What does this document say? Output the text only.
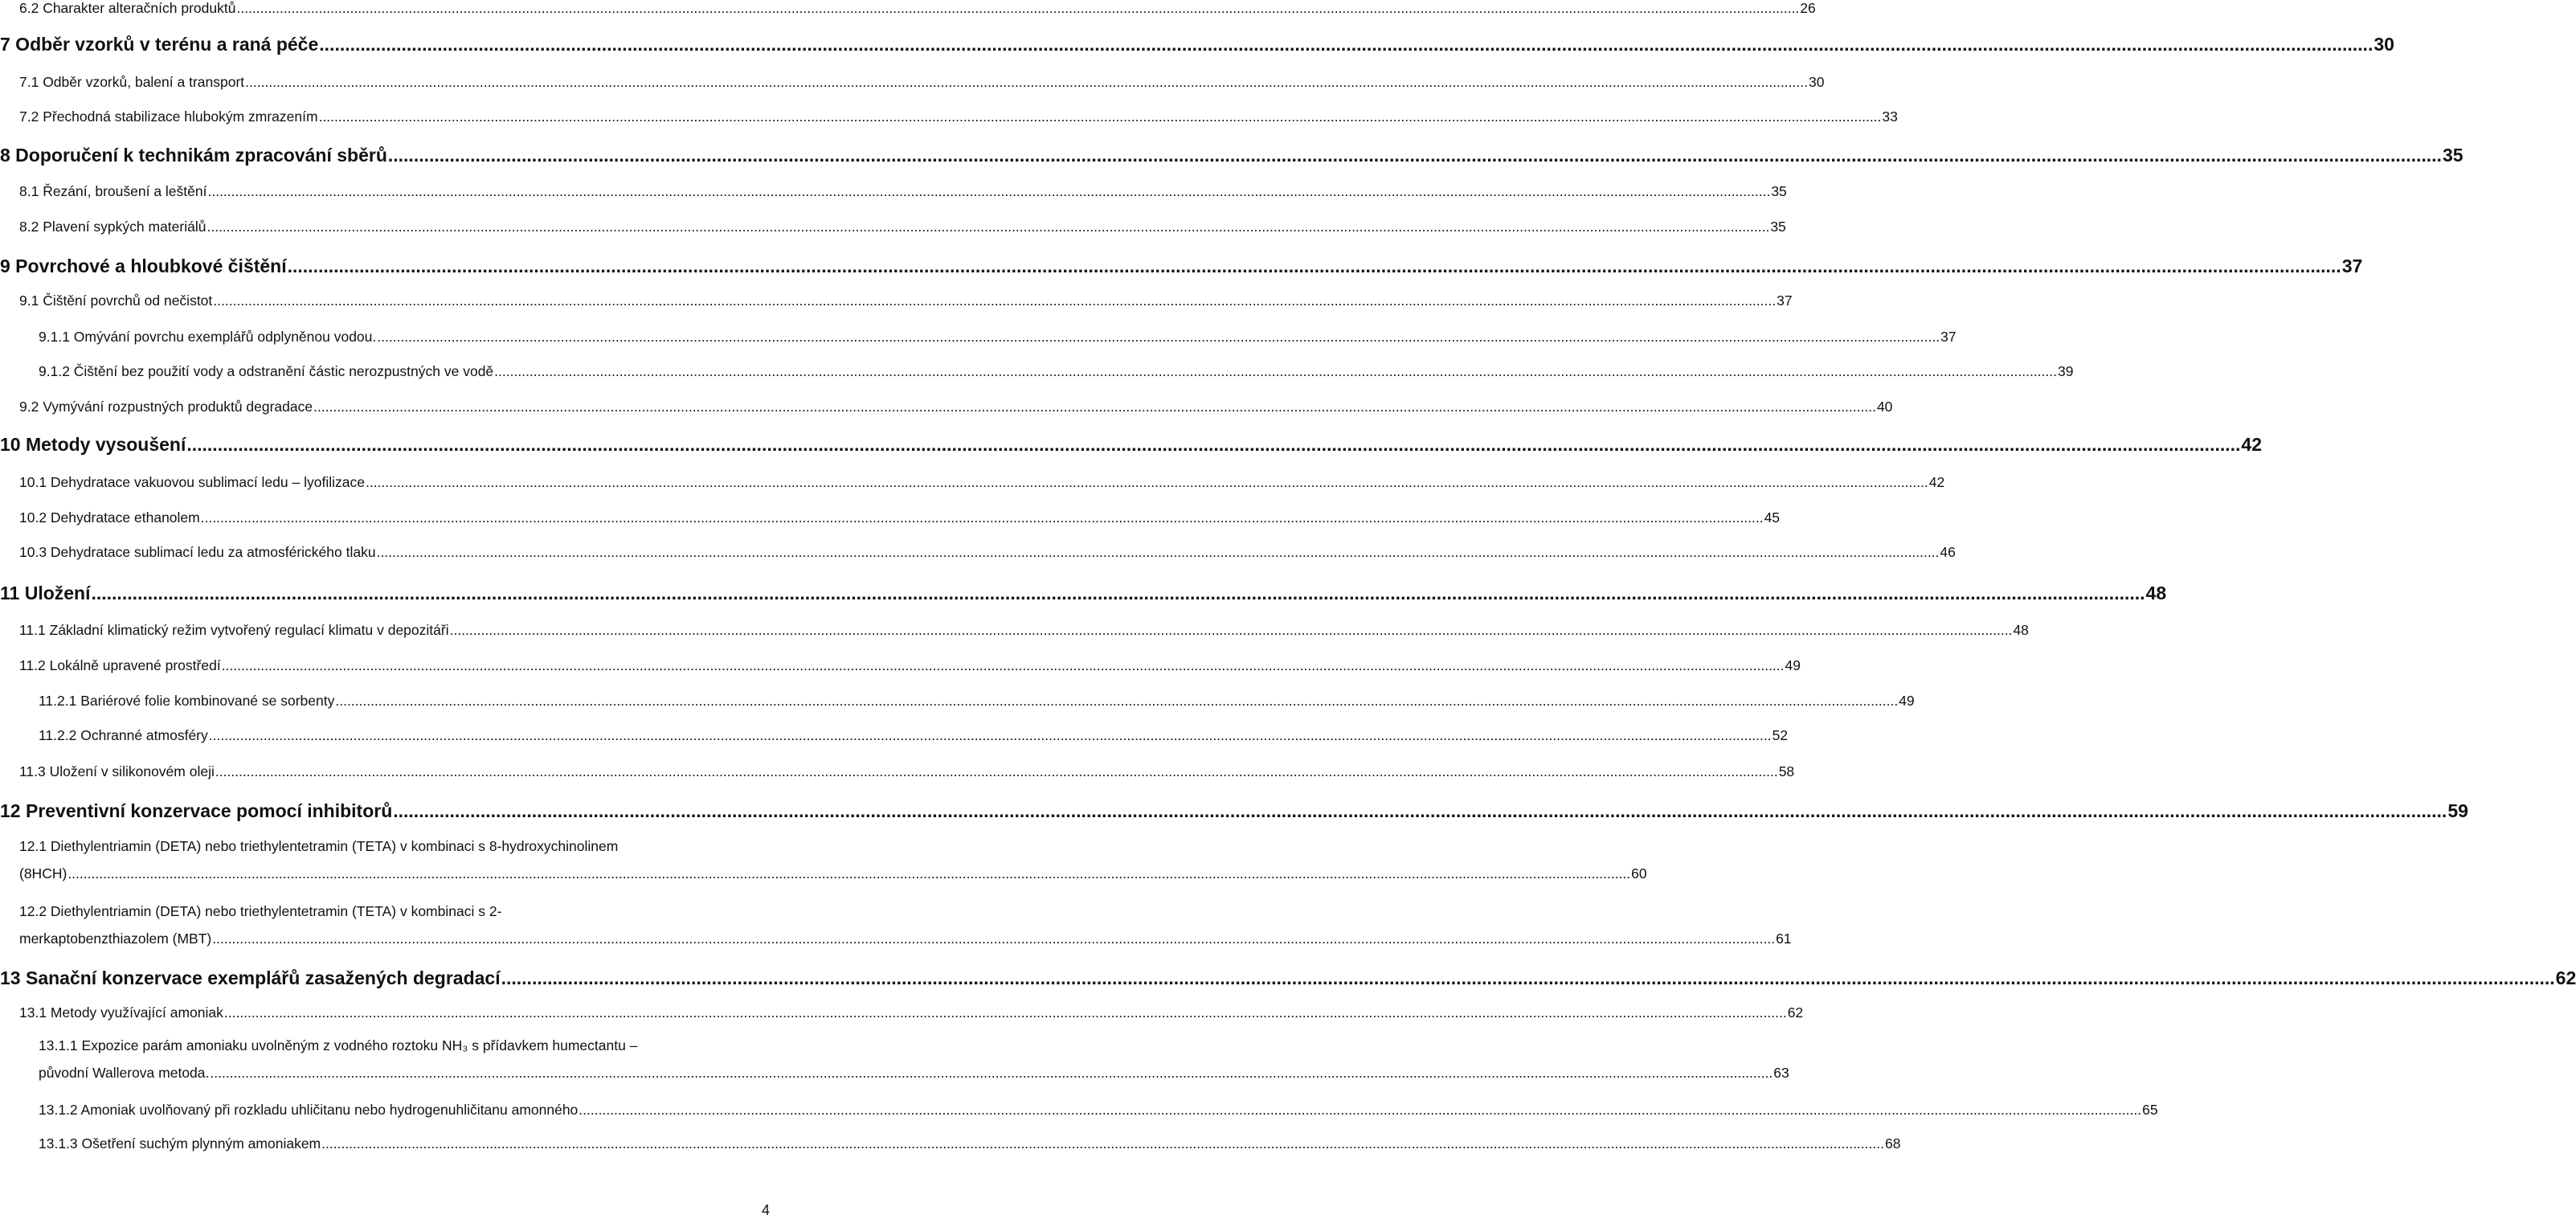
6.2 Charakter alteračních produktů ................................................................................................................................................................................................................................................................................................................................................................................................................ 26
7 Odběr vzorků v terénu a raná péče ................................................................................................................................................................................................................................................................................................................................................................................................................ 30
7.1 Odběr vzorků, balení a transport ................................................................................................................................................................................................................................................................................................................................................................................................................ 30
7.2 Přechodná stabilizace hlubokým zmrazením ................................................................................................................................................................................................................................................................................................................................................................................................................ 33
8 Doporučení k technikám zpracování sběrů ................................................................................................................................................................................................................................................................................................................................................................................................................ 35
8.1 Řezání, broušení a leštění ................................................................................................................................................................................................................................................................................................................................................................................................................ 35
8.2 Plavení sypkých materiálů ................................................................................................................................................................................................................................................................................................................................................................................................................ 35
9 Povrchové a hloubkové čištění ................................................................................................................................................................................................................................................................................................................................................................................................................ 37
9.1 Čištění povrchů od nečistot ................................................................................................................................................................................................................................................................................................................................................................................................................ 37
9.1.1 Omývání povrchu exemplářů odplyněnou vodou. ................................................................................................................................................................................................................................................................................................................................................................................................................ 37
9.1.2 Čištění bez použití vody a odstranění částic nerozpustných ve vodě ................................................................................................................................................................................................................................................................................................................................................................................................................ 39
9.2 Vymývání rozpustných produktů degradace ................................................................................................................................................................................................................................................................................................................................................................................................................ 40
10 Metody vysoušení ................................................................................................................................................................................................................................................................................................................................................................................................................ 42
10.1 Dehydratace vakuovou sublimací ledu – lyofilizace ................................................................................................................................................................................................................................................................................................................................................................................................................ 42
10.2 Dehydratace ethanolem ................................................................................................................................................................................................................................................................................................................................................................................................................ 45
10.3 Dehydratace sublimací ledu za atmosférického tlaku ................................................................................................................................................................................................................................................................................................................................................................................................................ 46
11 Uložení ................................................................................................................................................................................................................................................................................................................................................................................................................ 48
11.1 Základní klimatický režim vytvořený regulací klimatu v depozitáři ................................................................................................................................................................................................................................................................................................................................................................................................................ 48
11.2 Lokálně upravené prostředí ................................................................................................................................................................................................................................................................................................................................................................................................................ 49
11.2.1 Bariérové folie kombinované se sorbenty ................................................................................................................................................................................................................................................................................................................................................................................................................ 49
11.2.2 Ochranné atmosféry ................................................................................................................................................................................................................................................................................................................................................................................................................ 52
11.3 Uložení v silikonovém oleji ................................................................................................................................................................................................................................................................................................................................................................................................................ 58
12 Preventivní konzervace pomocí inhibitorů ................................................................................................................................................................................................................................................................................................................................................................................................................ 59
12.1 Diethylentriamin (DETA) nebo triethylentetramin (TETA) v kombinaci s 8-hydroxychinolinem
(8HCH) ................................................................................................................................................................................................................................................................................................................................................................................................................ 60
12.2 Diethylentriamin (DETA) nebo triethylentetramin (TETA) v kombinaci s 2-
merkaptobenzthiazolem (MBT) ................................................................................................................................................................................................................................................................................................................................................................................................................ 61
13 Sanační konzervace exemplářů zasažených degradací ................................................................................................................................................................................................................................................................................................................................................................................................................ 62
13.1 Metody využívající amoniak ................................................................................................................................................................................................................................................................................................................................................................................................................ 62
13.1.1 Expozice parám amoniaku uvolněným z vodného roztoku NH₃ s přídavkem humectantu –
původní Wallerova metoda. ................................................................................................................................................................................................................................................................................................................................................................................................................ 63
13.1.2 Amoniak uvolňovaný při rozkladu uhličitanu nebo hydrogenuhličitanu amonného ................................................................................................................................................................................................................................................................................................................................................................................................................ 65
13.1.3 Ošetření suchým plynným amoniakem ................................................................................................................................................................................................................................................................................................................................................................................................................ 68
4
